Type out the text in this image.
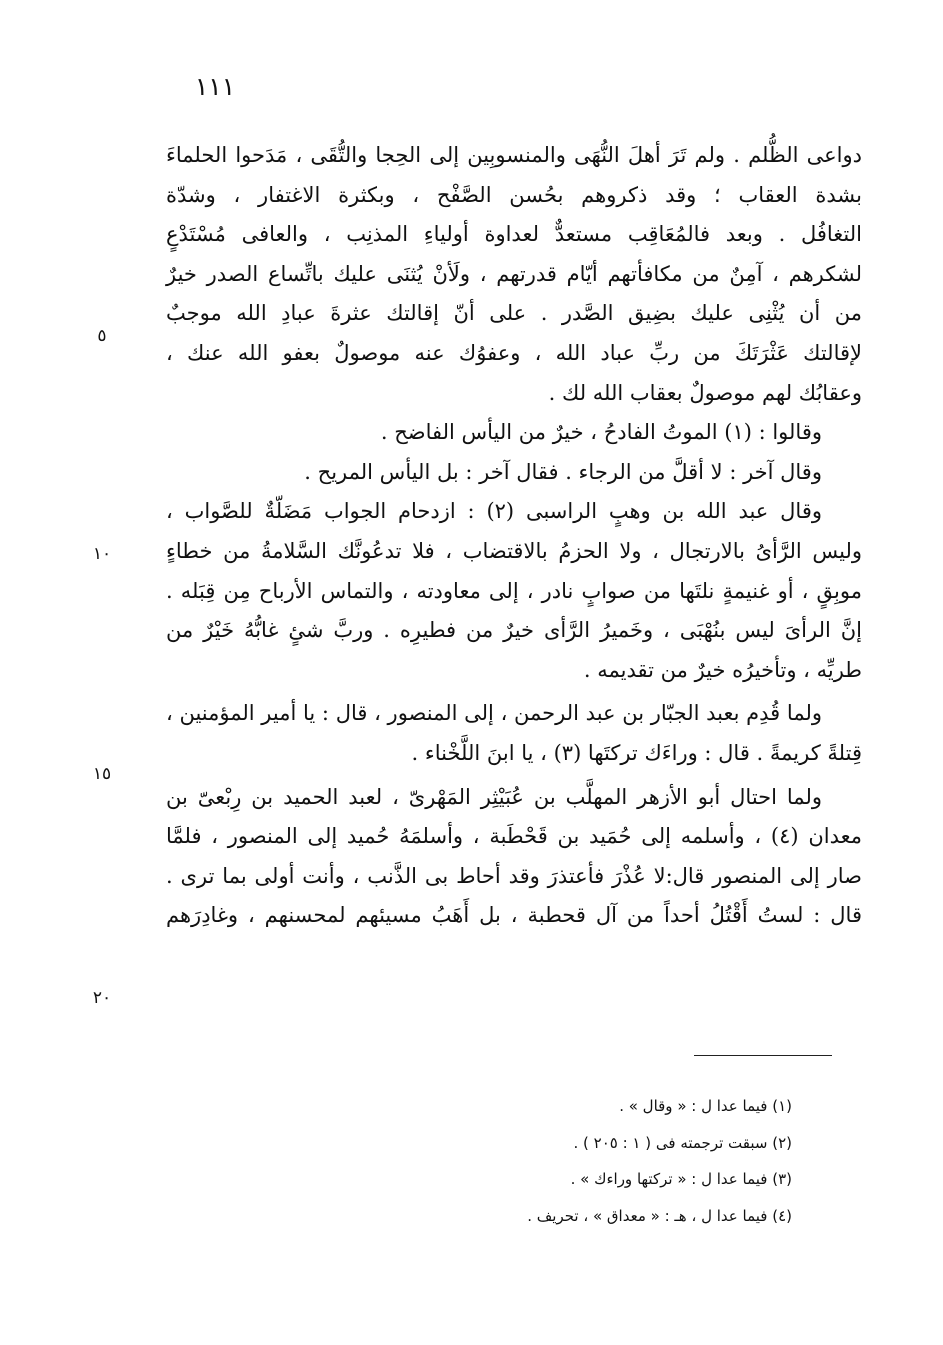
١١١
دواعى الظُّلم . ولم تَرَ أهلَ النُّهَى والمنسوبِين إلى الحِجا والتُّقَى ، مَدَحوا الحلماءَ
بشدة العقاب ؛ وقد ذكروهم بحُسن الصَّفْح ، وبكثرة الاغتفار ، وشدّة
التغافُل . وبعد فالمُعَاقِب مستعدٌّ لعداوة أولياءِ المذنِب ، والعافى مُسْتَدْعٍ
لشكرهم ، آمِنٌ من مكافأتهم أيّام قدرتهم ، ولَأنْ يُثنَى عليك باتِّساع الصدر خيرٌ
من أن يُثْنِى عليك بضِيق الصَّدر . على أنّ إقالتك عثرةَ عبادِ الله موجبٌ
لإقالتك عَثْرَتَكَ من ربِّ عباد الله ، وعفوُك عنه موصولٌ بعفو الله عنك ،
وعقابُك لهم موصولٌ بعقاب الله لك .
وقالوا : (١) الموتُ الفادحُ ، خيرٌ من اليأس الفاضح .
وقال آخر : لا أقلَّ من الرجاء . فقال آخر : بل اليأس المريح .
وقال عبد الله بن وهبٍ الراسبى (٢) : ازدحام الجواب مَضَلّةٌ للصَّواب ،
وليس الرَّأىُ بالارتجال ، ولا الحزمُ بالاقتضاب ، فلا تدعُونَّك السَّلامةُ من خطاءٍ
موبِقٍ ، أو غنيمةٍ نلتَها من صوابٍ نادر ، إلى معاودته ، والتماس الأرباح مِن قِبَله .
إنَّ الرأىَ ليس بنُهْبَى ، وخَميرُ الرَّأى خيرٌ من فطيرِه . وربَّ شئٍ غابُّهُ خَيْرٌ من
طريِّه ، وتأخيرُه خيرٌ من تقديمه .
ولما قُدِم بعبد الجبّار بن عبد الرحمن ، إلى المنصور ، قال : يا أمير المؤمنين ،
قِتلةً كريمةً . قال : وراءَك تركتَها (٣) ، يا ابنَ اللَّخْناء .
ولما احتال أبو الأزهر المهلَّب بن عُبَيْثِر المَهْرىّ ، لعبد الحميد بن رِبْعىّ بن
معدان (٤) ، وأسلمه إلى حُمَيد بن قَحْطَبة ، وأسلمَهُ حُميد إلى المنصور ، فلمَّا
صار إلى المنصور قال:لا عُذْرَ فأعتذرَ وقد أحاط بى الذَّنب ، وأنت أولى بما ترى .
قال : لستُ أَقْتُلُ أحداً من آل قحطبة ، بل أَهَبُ مسيئهم لمحسنهم ، وغادِرَهم
٥
١٠
١٥
٢٠
(١) فيما عدا ل : « وقال » .
(٢) سبقت ترجمته فى ( ١ : ٢٠٥ ) .
(٣) فيما عدا ل : « تركتها وراءك » .
(٤) فيما عدا ل ، هـ : « معداق » ، تحريف .
